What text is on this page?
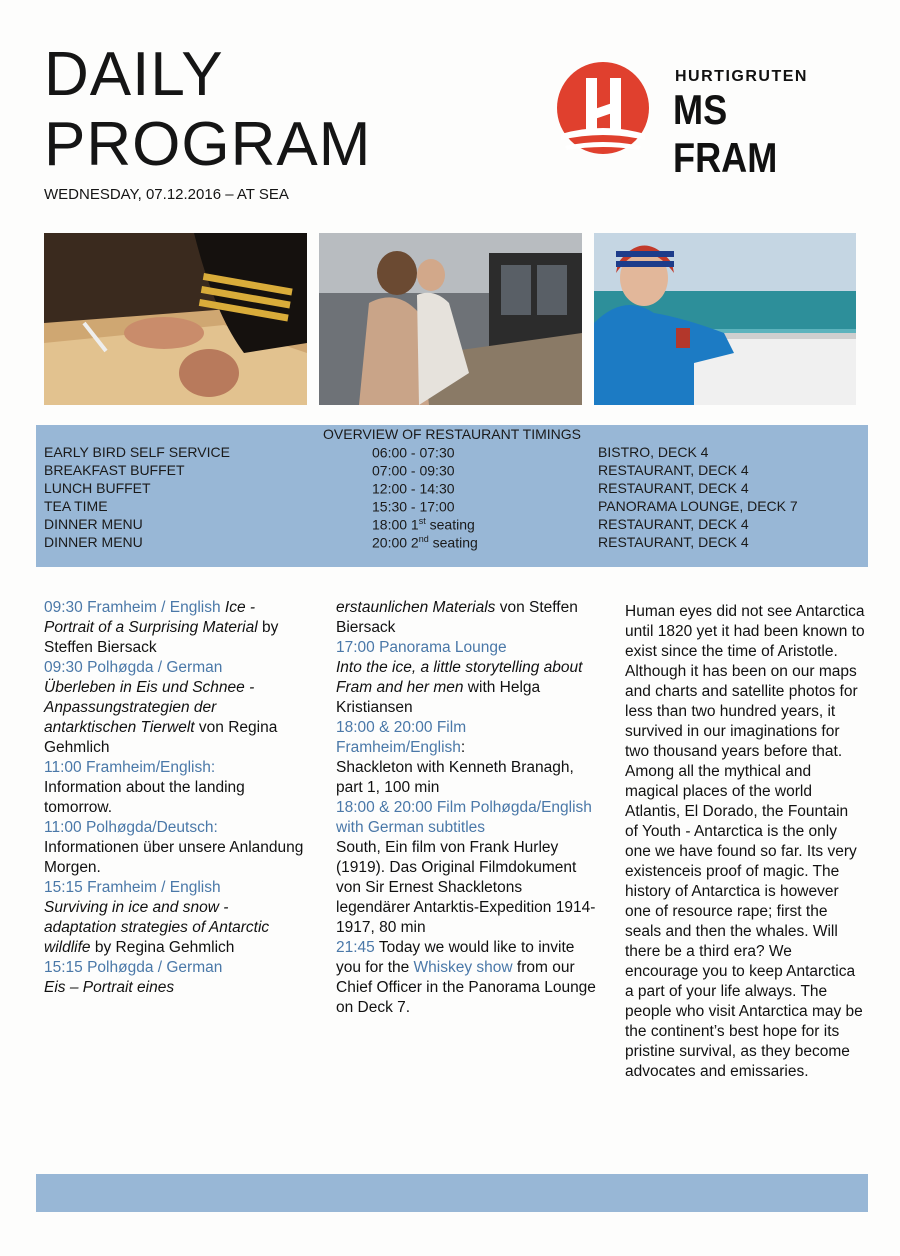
DAILY
PROGRAM
WEDNESDAY, 07.12.2016 – AT SEA
HURTIGRUTEN
MS FRAM
OVERVIEW OF RESTAURANT TIMINGS
EARLY BIRD SELF SERVICE	06:00 - 07:30	BISTRO, DECK 4
BREAKFAST BUFFET	07:00 - 09:30	RESTAURANT, DECK 4
LUNCH BUFFET	12:00 - 14:30	RESTAURANT, DECK 4
TEA TIME	15:30 - 17:00	PANORAMA LOUNGE, DECK 7
DINNER MENU	18:00 1st seating	RESTAURANT, DECK 4
DINNER MENU	20:00 2nd seating	RESTAURANT, DECK 4

09:30 Framheim / English Ice - Portrait of a Surprising Material by Steffen Biersack

09:30 Polhøgda / German
Überleben in Eis und Schnee - Anpassungstrategien der antarktischen Tierwelt von Regina Gehmlich

11:00 Framheim/English:
Information about the landing tomorrow.

11:00 Polhøgda/Deutsch:
Informationen über unsere Anlandung Morgen.

15:15 Framheim / English
Surviving in ice and snow - adaptation strategies of Antarctic wildlife by Regina Gehmlich

15:15 Polhøgda / German
Eis – Portrait eines

erstaunlichen Materials von Steffen Biersack

17:00 Panorama Lounge
Into the ice, a little storytelling about Fram and her men with Helga Kristiansen

18:00 & 20:00 Film Framheim/English:
Shackleton with Kenneth Branagh, part 1, 100 min

18:00 & 20:00 Film Polhøgda/English with German subtitles
South, Ein film von Frank Hurley (1919). Das Original Filmdokument von Sir Ernest Shackletons legendärer Antarktis-Expedition 1914-1917, 80 min

21:45 Today we would like to invite you for the Whiskey show from our Chief Officer in the Panorama Lounge on Deck 7.

Human eyes did not see Antarctica until 1820 yet it had been known to exist since the time of Aristotle. Although it has been on our maps and charts and satellite photos for less than two hundred years, it survived in our imaginations for two thousand years before that. Among all the mythical and magical places of the world Atlantis, El Dorado, the Fountain of Youth - Antarctica is the only one we have found so far. Its very existenceis proof of magic. The history of Antarctica is however one of resource rape; first the seals and then the whales. Will there be a third era? We encourage you to keep Antarctica a part of your life always. The people who visit Antarctica may be the continent’s best hope for its pristine survival, as they become advocates and emissaries.
